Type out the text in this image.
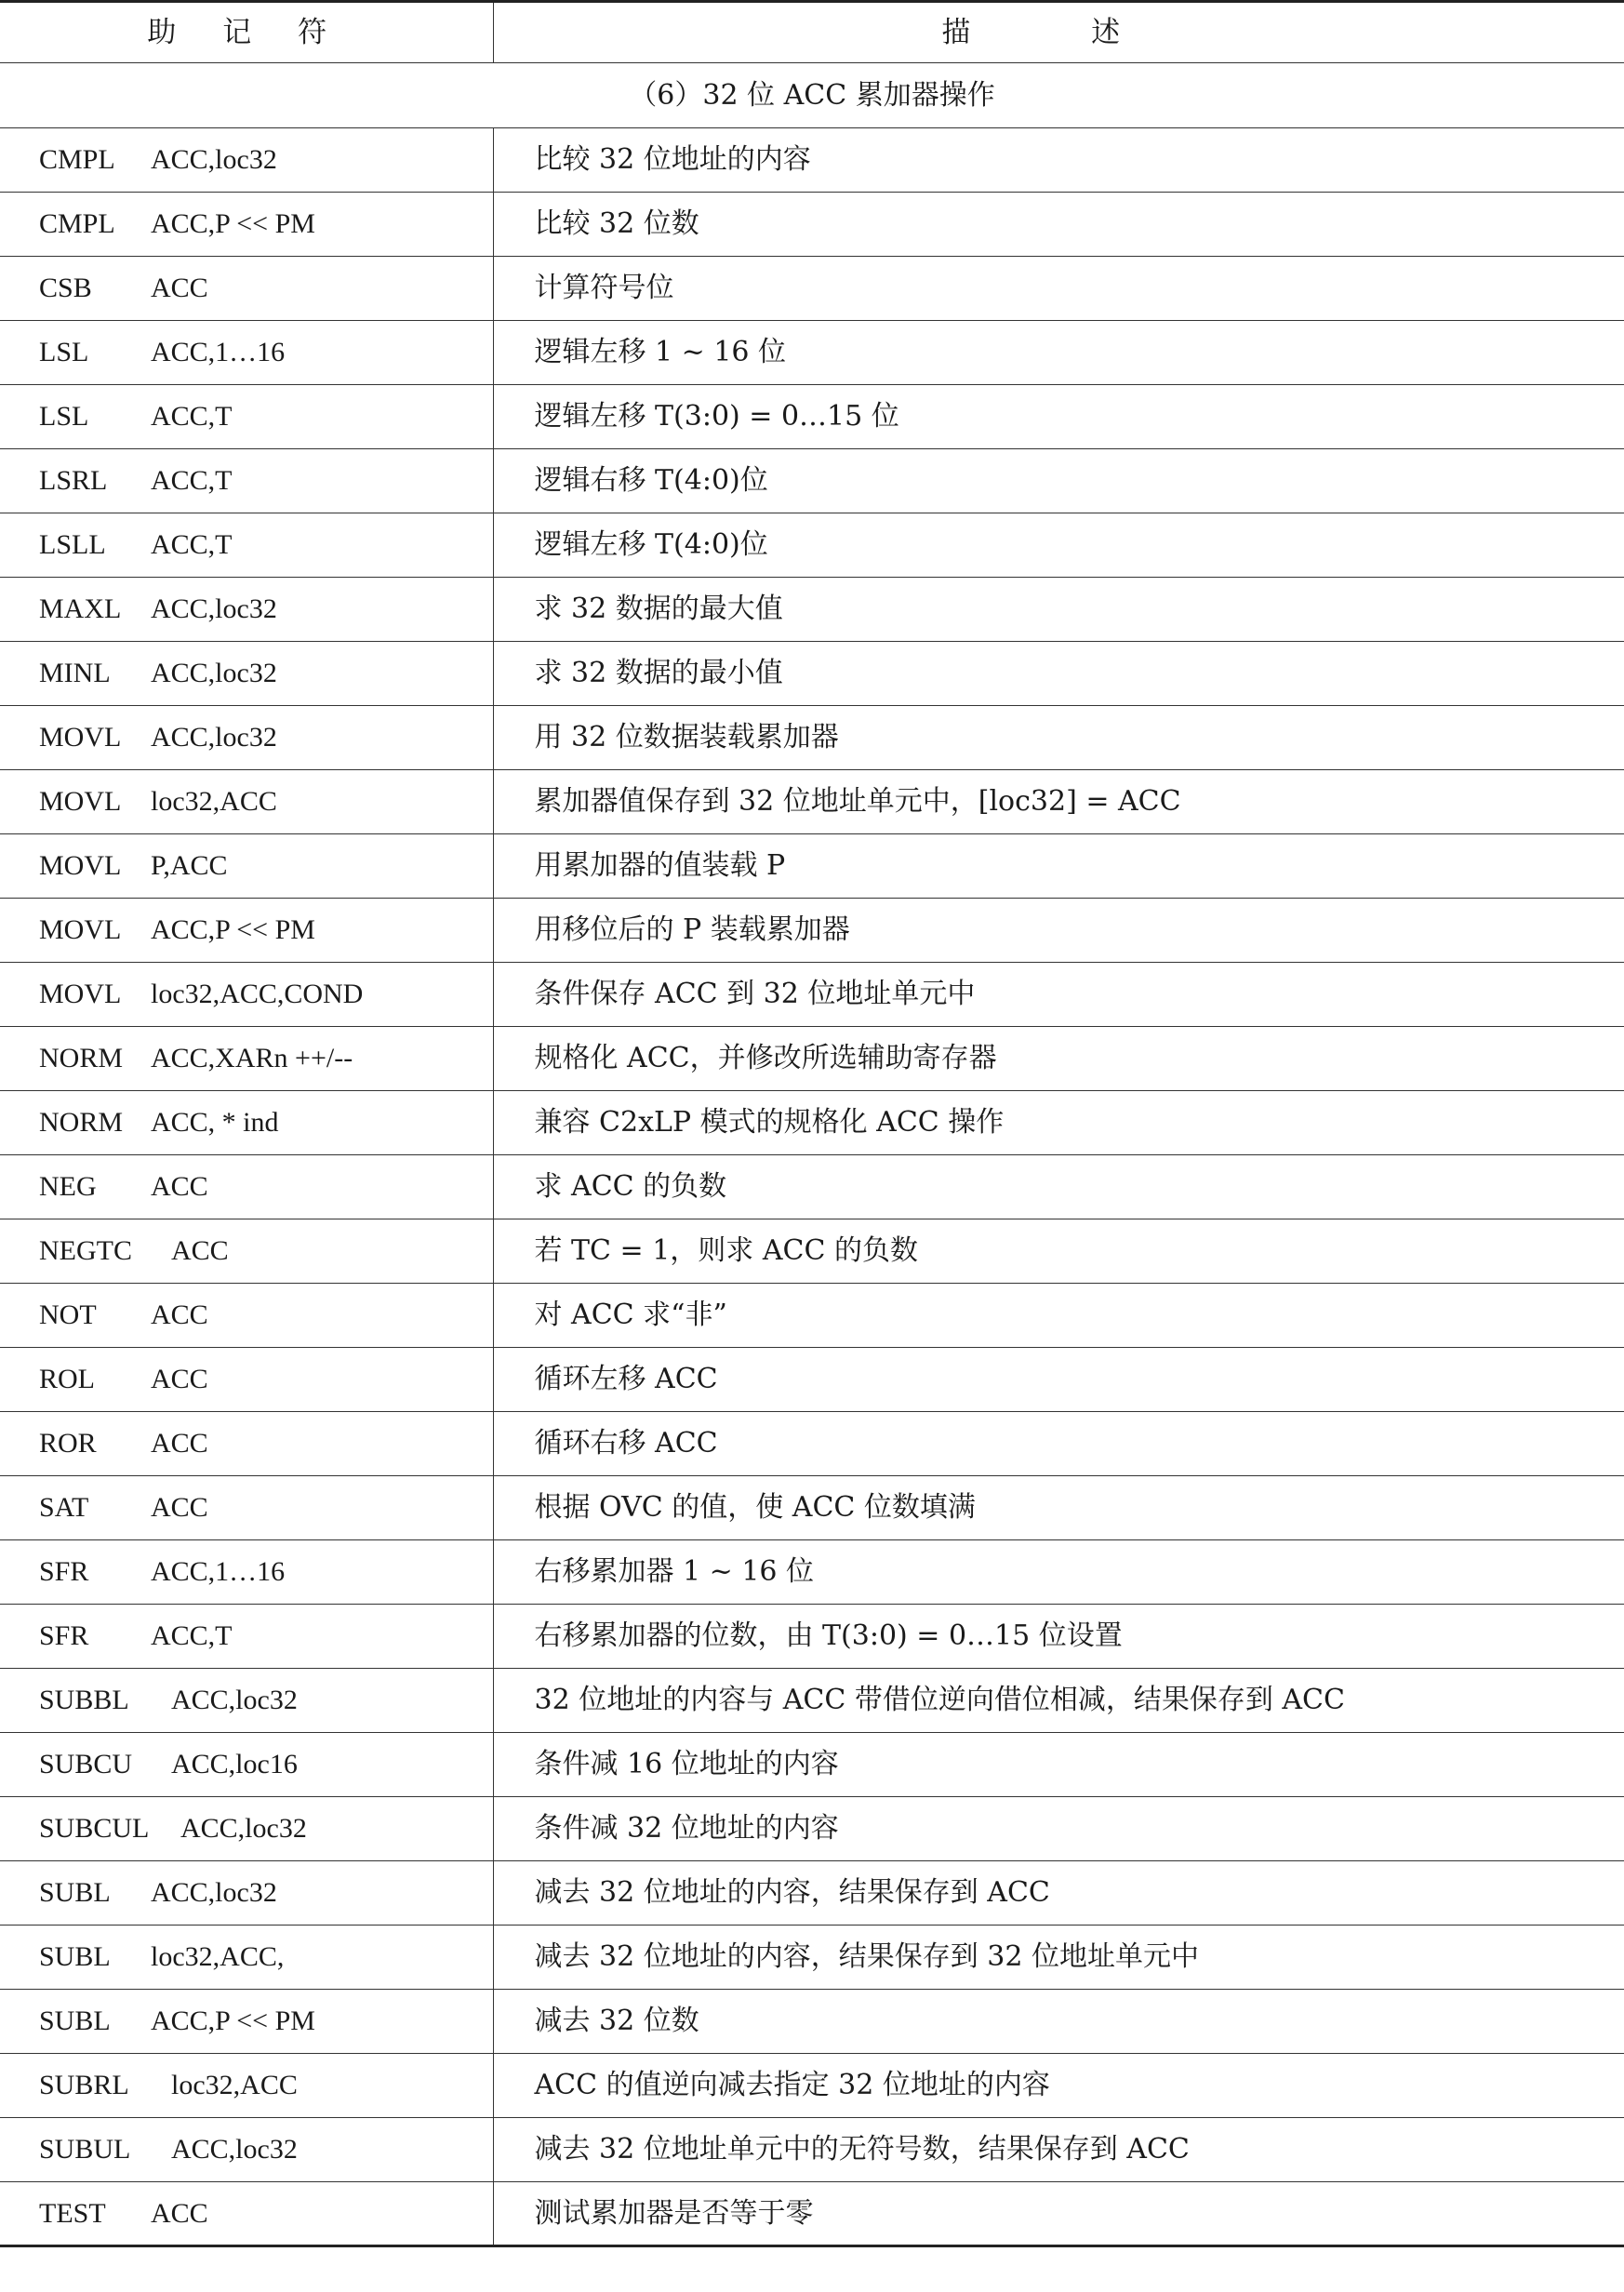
助 记 符	描 述
（6）32 位 ACC 累加器操作	
CMPL ACC,loc32	比较 32 位地址的内容
CMPL ACC,P << PM	比较 32 位数
CSB ACC	计算符号位
LSL ACC,1…16	逻辑左移 1 ~ 16 位
LSL ACC,T	逻辑左移 T(3:0) = 0…15 位
LSRL ACC,T	逻辑右移 T(4:0)位
LSLL ACC,T	逻辑左移 T(4:0)位
MAXL ACC,loc32	求 32 数据的最大值
MINL ACC,loc32	求 32 数据的最小值
MOVL ACC,loc32	用 32 位数据装载累加器
MOVL loc32,ACC	累加器值保存到 32 位地址单元中，[loc32] = ACC
MOVL P,ACC	用累加器的值装载 P
MOVL ACC,P << PM	用移位后的 P 装载累加器
MOVL loc32,ACC,COND	条件保存 ACC 到 32 位地址单元中
NORM ACC,XARn ++/--	规格化 ACC，并修改所选辅助寄存器
NORM ACC, * ind	兼容 C2xLP 模式的规格化 ACC 操作
NEG ACC	求 ACC 的负数
NEGTC ACC	若 TC = 1，则求 ACC 的负数
NOT ACC	对 ACC 求“非”
ROL ACC	循环左移 ACC
ROR ACC	循环右移 ACC
SAT ACC	根据 OVC 的值，使 ACC 位数填满
SFR ACC,1…16	右移累加器 1 ~ 16 位
SFR ACC,T	右移累加器的位数，由 T(3:0) = 0…15 位设置
SUBBL ACC,loc32	32 位地址的内容与 ACC 带借位逆向借位相减，结果保存到 ACC
SUBCU ACC,loc16	条件减 16 位地址的内容
SUBCUL ACC,loc32	条件减 32 位地址的内容
SUBL ACC,loc32	减去 32 位地址的内容，结果保存到 ACC
SUBL loc32,ACC,	减去 32 位地址的内容，结果保存到 32 位地址单元中
SUBL ACC,P << PM	减去 32 位数
SUBRL loc32,ACC	ACC 的值逆向减去指定 32 位地址的内容
SUBUL ACC,loc32	减去 32 位地址单元中的无符号数，结果保存到 ACC
TEST ACC	测试累加器是否等于零
